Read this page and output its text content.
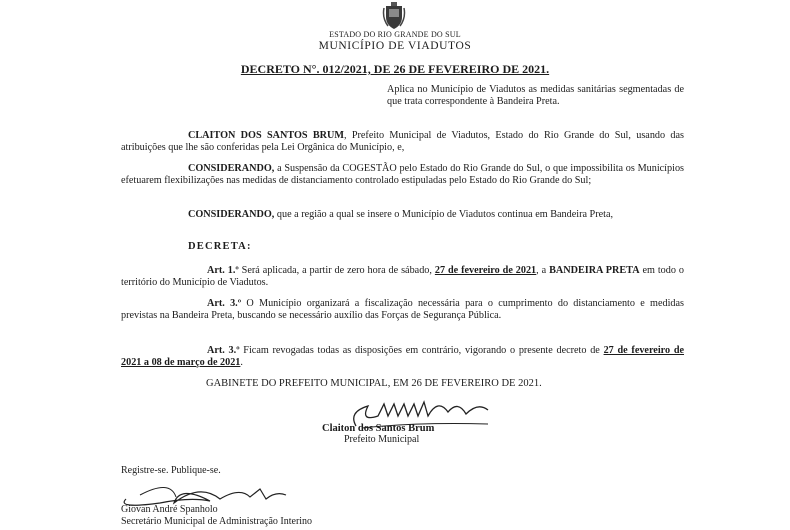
ESTADO DO RIO GRANDE DO SUL
MUNICÍPIO DE VIADUTOS
DECRETO N°. 012/2021, DE 26 DE FEVEREIRO DE 2021.
Aplica no Município de Viadutos as medidas sanitárias segmentadas de que trata correspondente à Bandeira Preta.
CLAITON DOS SANTOS BRUM, Prefeito Municipal de Viadutos, Estado do Rio Grande do Sul, usando das atribuições que lhe são conferidas pela Lei Orgânica do Município, e,
CONSIDERANDO, a Suspensão da COGESTÃO pelo Estado do Rio Grande do Sul, o que impossibilita os Municípios efetuarem flexibilizações nas medidas de distanciamento controlado estipuladas pelo Estado do Rio Grande do Sul;
CONSIDERANDO, que a região a qual se insere o Município de Viadutos continua em Bandeira Preta,
DECRETA:
Art. 1.º Será aplicada, a partir de zero hora de sábado, 27 de fevereiro de 2021, a BANDEIRA PRETA em todo o território do Município de Viadutos.
Art. 3.º O Município organizará a fiscalização necessária para o cumprimento do distanciamento e medidas previstas na Bandeira Preta, buscando se necessário auxílio das Forças de Segurança Pública.
Art. 3.º Ficam revogadas todas as disposições em contrário, vigorando o presente decreto de 27 de fevereiro de 2021 a 08 de março de 2021.
GABINETE DO PREFEITO MUNICIPAL, EM 26 DE FEVEREIRO DE 2021.
Claiton dos Santos Brum
Prefeito Municipal
Registre-se. Publique-se.
Giovan André Spanholo
Secretário Municipal de Administração Interino
